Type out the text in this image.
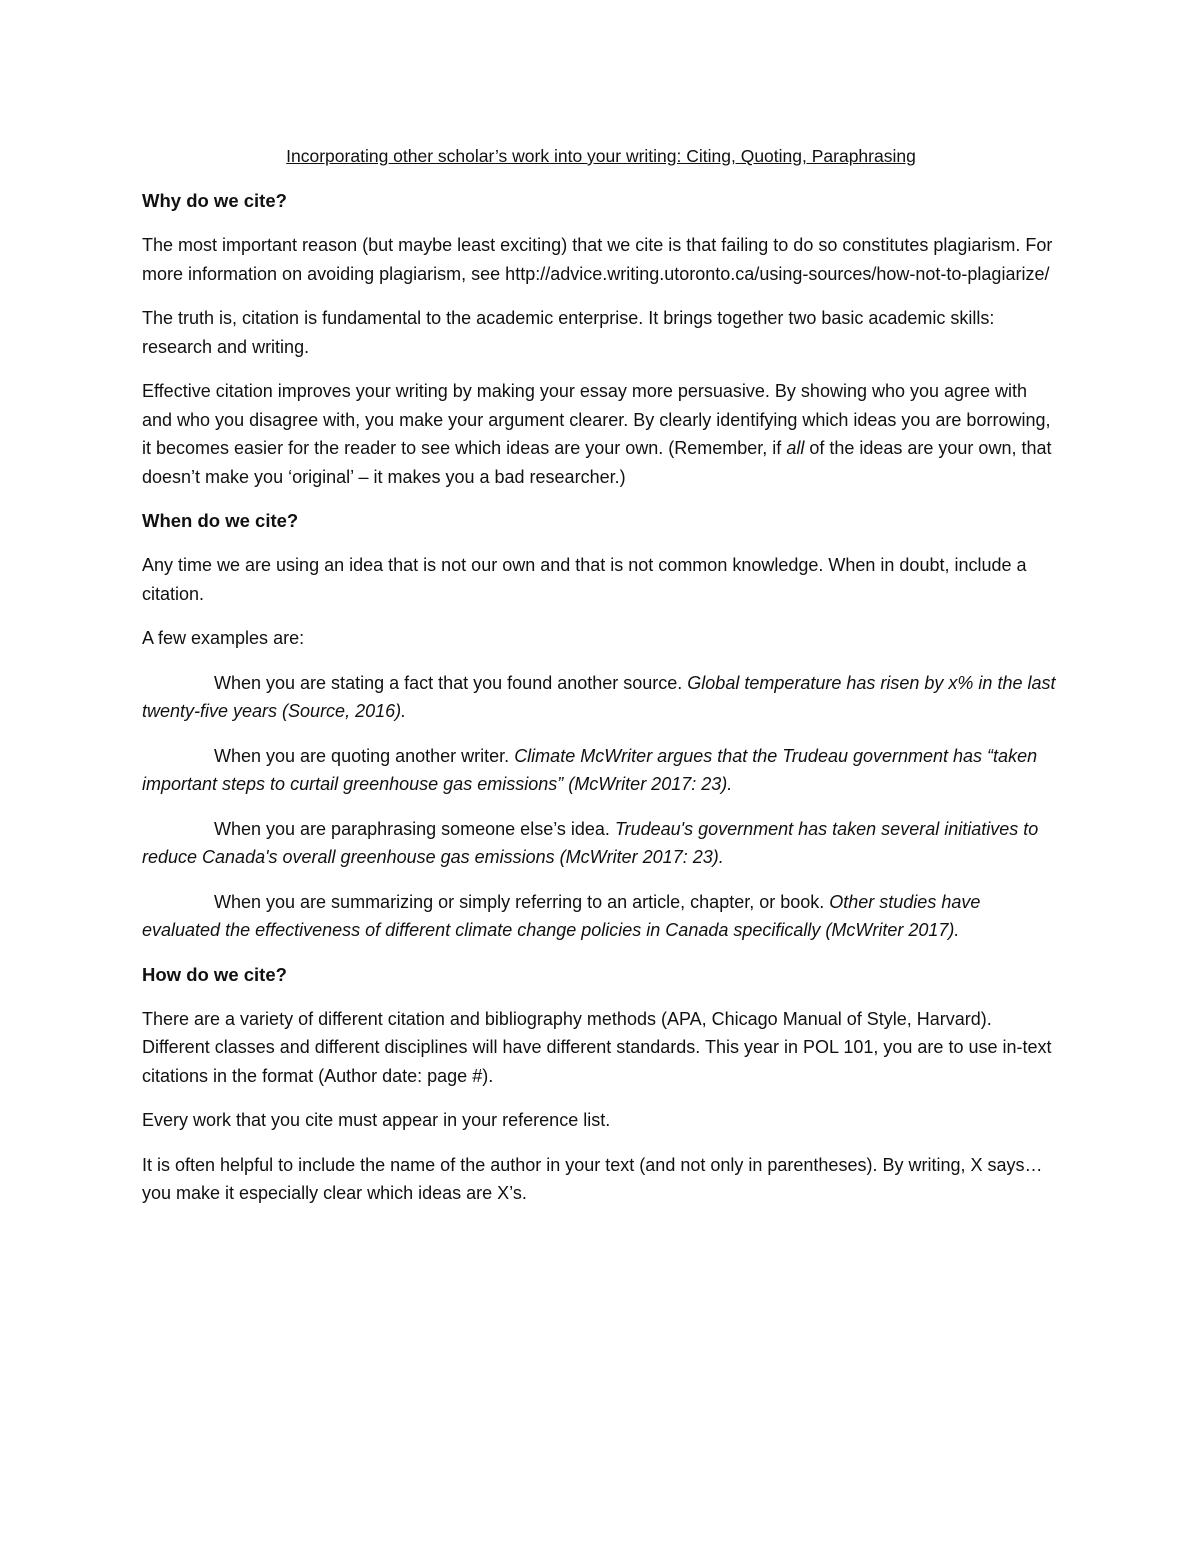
Incorporating other scholar’s work into your writing: Citing, Quoting, Paraphrasing
Why do we cite?

The most important reason (but maybe least exciting) that we cite is that failing to do so constitutes plagiarism. For more information on avoiding plagiarism, see http://advice.writing.utoronto.ca/using-sources/how-not-to-plagiarize/

The truth is, citation is fundamental to the academic enterprise. It brings together two basic academic skills: research and writing.

Effective citation improves your writing by making your essay more persuasive. By showing who you agree with and who you disagree with, you make your argument clearer. By clearly identifying which ideas you are borrowing, it becomes easier for the reader to see which ideas are your own. (Remember, if all of the ideas are your own, that doesn’t make you ‘original’ – it makes you a bad researcher.)

When do we cite?

Any time we are using an idea that is not our own and that is not common knowledge. When in doubt, include a citation.

A few examples are:

When you are stating a fact that you found another source. Global temperature has risen by x% in the last twenty-five years (Source, 2016).

When you are quoting another writer. Climate McWriter argues that the Trudeau government has “taken important steps to curtail greenhouse gas emissions” (McWriter 2017: 23).

When you are paraphrasing someone else’s idea. Trudeau's government has taken several initiatives to reduce Canada's overall greenhouse gas emissions (McWriter 2017: 23).

When you are summarizing or simply referring to an article, chapter, or book. Other studies have evaluated the effectiveness of different climate change policies in Canada specifically (McWriter 2017).

How do we cite?

There are a variety of different citation and bibliography methods (APA, Chicago Manual of Style, Harvard). Different classes and different disciplines will have different standards. This year in POL 101, you are to use in-text citations in the format (Author date: page #).

Every work that you cite must appear in your reference list.

It is often helpful to include the name of the author in your text (and not only in parentheses). By writing, X says… you make it especially clear which ideas are X’s.
